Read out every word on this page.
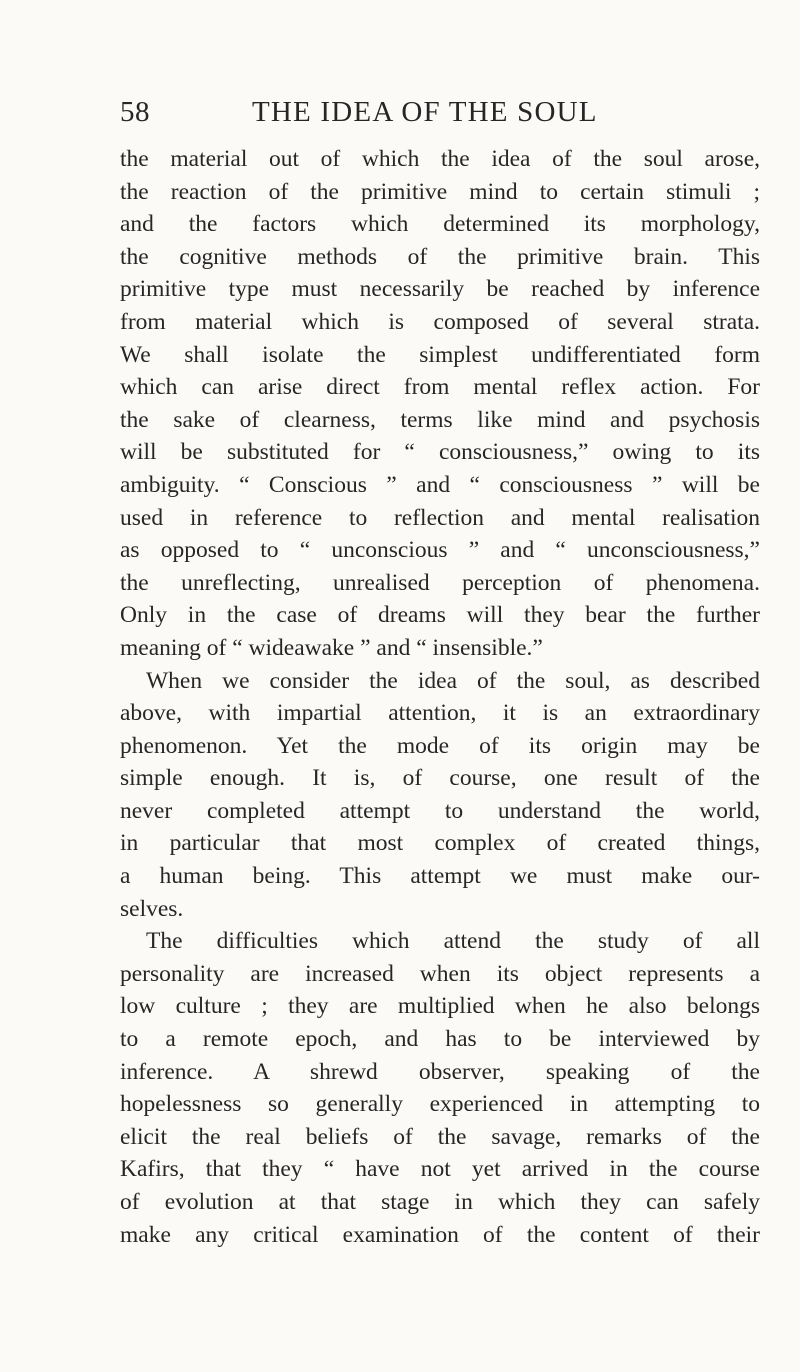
58	THE IDEA OF THE SOUL
the material out of which the idea of the soul arose,
the reaction of the primitive mind to certain stimuli ;
and the factors which determined its morphology,
the cognitive methods of the primitive brain. This
primitive type must necessarily be reached by inference
from material which is composed of several strata.
We shall isolate the simplest undifferentiated form
which can arise direct from mental reflex action. For
the sake of clearness, terms like mind and psychosis
will be substituted for “ consciousness,” owing to its
ambiguity. “ Conscious ” and “ consciousness ” will be
used in reference to reflection and mental realisation
as opposed to “ unconscious ” and “ unconsciousness,”
the unreflecting, unrealised perception of phenomena.
Only in the case of dreams will they bear the further
meaning of “ wideawake ” and “ insensible.”
When we consider the idea of the soul, as described
above, with impartial attention, it is an extraordinary
phenomenon. Yet the mode of its origin may be
simple enough. It is, of course, one result of the
never completed attempt to understand the world,
in particular that most complex of created things,
a human being. This attempt we must make our-
selves.
The difficulties which attend the study of all
personality are increased when its object represents a
low culture ; they are multiplied when he also belongs
to a remote epoch, and has to be interviewed by
inference. A shrewd observer, speaking of the
hopelessness so generally experienced in attempting to
elicit the real beliefs of the savage, remarks of the
Kafirs, that they “ have not yet arrived in the course
of evolution at that stage in which they can safely
make any critical examination of the content of their
